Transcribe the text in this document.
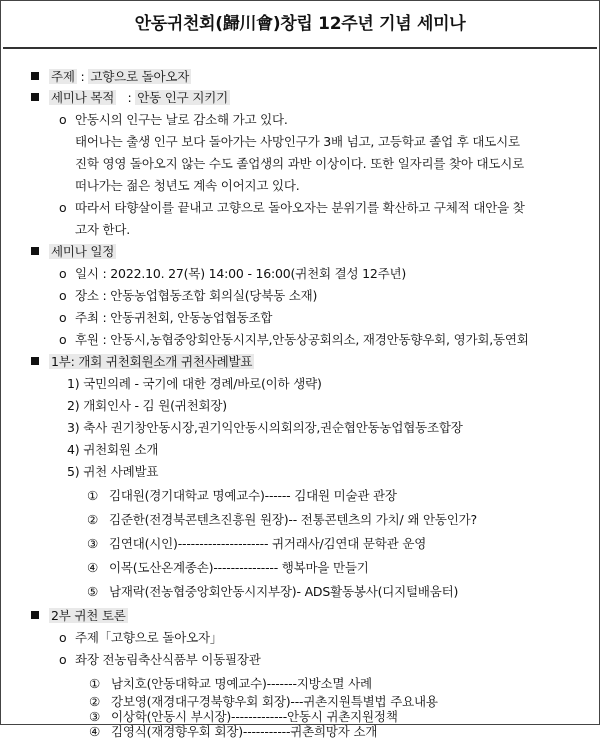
안동귀천회(歸川會)창립 12주년 기념 세미나
주제 : 고향으로 돌아오자
세미나 목적 : 안동 인구 지키기
o 안동시의 인구는 날로 감소해 가고 있다.
태어나는 출생 인구 보다 돌아가는 사망인구가 3배 넘고, 고등학교 졸업 후 대도시로
진학 영영 돌아오지 않는 수도 졸업생의 과반 이상이다. 또한 일자리를 찾아 대도시로
떠나가는 젊은 청년도 계속 이어지고 있다.
o 따라서 타향살이를 끝내고 고향으로 돌아오자는 분위기를 확산하고 구체적 대안을 찾
고자 한다.
세미나 일정
o 일시 : 2022.10. 27(목) 14:00 - 16:00(귀천회 결성 12주년)
o 장소 : 안동농업협동조합 회의실(당북동 소재)
o 주최 : 안동귀천회, 안동농업협동조합
o 후원 : 안동시,농협중앙회안동시지부,안동상공회의소, 재경안동향우회, 영가회,동연회
1부: 개회 귀천회원소개 귀천사례발표
1) 국민의례 - 국기에 대한 경례/바로(이하 생략)
2) 개회인사 - 김 원(귀천회장)
3) 축사 권기창안동시장,권기익안동시의회의장,권순협안동농업협동조합장
4) 귀천회원 소개
5) 귀천 사례발표
① 김대원(경기대학교 명예교수)------ 김대원 미술관 관장
② 김준한(전경북콘텐츠진흥원 원장)-- 전통콘텐츠의 가치/ 왜 안동인가?
③ 김연대(시인)--------------------- 귀거래사/김연대 문학관 운영
④ 이목(도산온계종손)--------------- 행복마을 만들기
⑤ 남재락(전농협중앙회안동시지부장)- ADS활동봉사(디지털배움터)
2부 귀천 토론
o 주제「고향으로 돌아오자」
o 좌장 전농림축산식품부 이동필장관
① 남치호(안동대학교 명예교수)-------지방소멸 사례
② 강보영(재경대구경북향우회 회장)---귀촌지원특별법 주요내용
③ 이상학(안동시 부시장)-------------안동시 귀촌지원정책
④ 김영식(재경향우회 회장)-----------귀촌희망자 소개
